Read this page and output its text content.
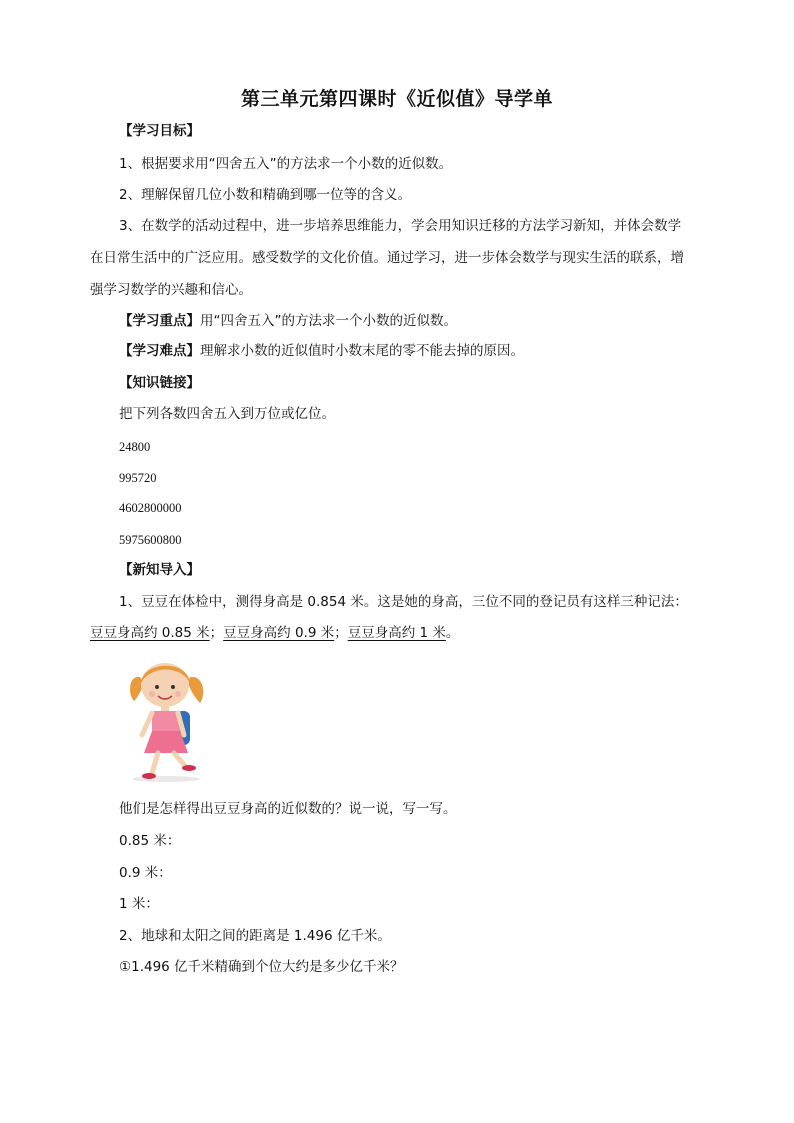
第三单元第四课时《近似值》导学单
【学习目标】
1、根据要求用“四舍五入”的方法求一个小数的近似数。
2、理解保留几位小数和精确到哪一位等的含义。
3、在数学的活动过程中，进一步培养思维能力，学会用知识迁移的方法学习新知，并体会数学
在日常生活中的广泛应用。感受数学的文化价值。通过学习，进一步体会数学与现实生活的联系，增
强学习数学的兴趣和信心。
【学习重点】用“四舍五入”的方法求一个小数的近似数。
【学习难点】理解求小数的近似值时小数末尾的零不能去掉的原因。
【知识链接】
把下列各数四舍五入到万位或亿位。
24800
995720
4602800000
5975600800
【新知导入】
1、豆豆在体检中，测得身高是 0.854 米。这是她的身高，三位不同的登记员有这样三种记法：
豆豆身高约 0.85 米；豆豆身高约 0.9 米；豆豆身高约 1 米。
他们是怎样得出豆豆身高的近似数的？说一说，写一写。
0.85 米：
0.9 米：
1 米：
2、地球和太阳之间的距离是 1.496 亿千米。
①1.496 亿千米精确到个位大约是多少亿千米？
